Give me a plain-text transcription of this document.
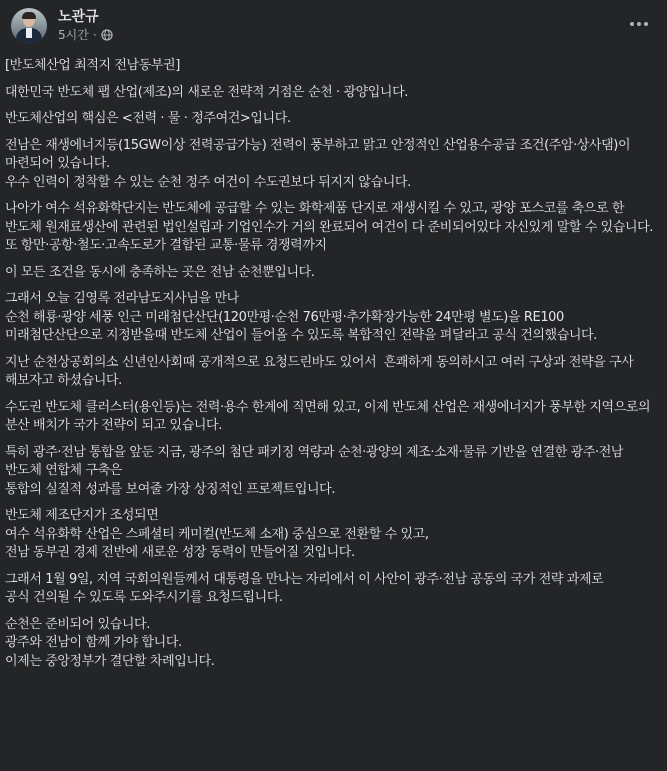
노관규
5시간 ·

[반도체산업 최적지 전남동부권]

대한민국 반도체 팹 산업(제조)의 새로운 전략적 거점은 순천 · 광양입니다.

반도체산업의 핵심은 <전력 · 물 · 정주여건>입니다.

전남은 재생에너지등(15GW이상 전력공급가능) 전력이 풍부하고 맑고 안정적인 산업용수공급 조건(주암·상사댐)이 마련되어 있습니다.
우수 인력이 정착할 수 있는 순천 정주 여건이 수도권보다 뒤지지 않습니다.

나아가 여수 석유화학단지는 반도체에 공급할 수 있는 화학제품 단지로 재생시킬 수 있고, 광양 포스코를 축으로 한 반도체 원재료생산에 관련된 법인설립과 기업인수가 거의 완료되어 여건이 다 준비되어있다 자신있게 말할 수 있습니다.
또 항만·공항·철도·고속도로가 결합된 교통·물류 경쟁력까지

이 모든 조건을 동시에 충족하는 곳은 전남 순천뿐입니다.

그래서 오늘 김영록 전라남도지사님을 만나
순천 해룡·광양 세풍 인근 미래첨단산단(120만평·순천 76만평·추가확장가능한 24만평 별도)을 RE100 미래첨단산단으로 지정받을때 반도체 산업이 들어올 수 있도록 복합적인 전략을 펴달라고 공식 건의했습니다.

지난 순천상공회의소 신년인사회때 공개적으로 요청드린바도 있어서  흔쾌하게 동의하시고 여러 구상과 전략을 구사 해보자고 하셨습니다.

수도권 반도체 클러스터(용인등)는 전력·용수 한계에 직면해 있고, 이제 반도체 산업은 재생에너지가 풍부한 지역으로의 분산 배치가 국가 전략이 되고 있습니다.

특히 광주·전남 통합을 앞둔 지금, 광주의 첨단 패키징 역량과 순천·광양의 제조·소재·물류 기반을 연결한 광주·전남 반도체 연합체 구축은
통합의 실질적 성과를 보여줄 가장 상징적인 프로젝트입니다.

반도체 제조단지가 조성되면
여수 석유화학 산업은 스페셜티 케미컬(반도체 소재) 중심으로 전환할 수 있고,
전남 동부권 경제 전반에 새로운 성장 동력이 만들어질 것입니다.

그래서 1월 9일, 지역 국회의원들께서 대통령을 만나는 자리에서 이 사안이 광주·전남 공동의 국가 전략 과제로
공식 건의될 수 있도록 도와주시기를 요청드립니다.

순천은 준비되어 있습니다.
광주와 전남이 함께 가야 합니다.
이제는 중앙정부가 결단할 차례입니다.
